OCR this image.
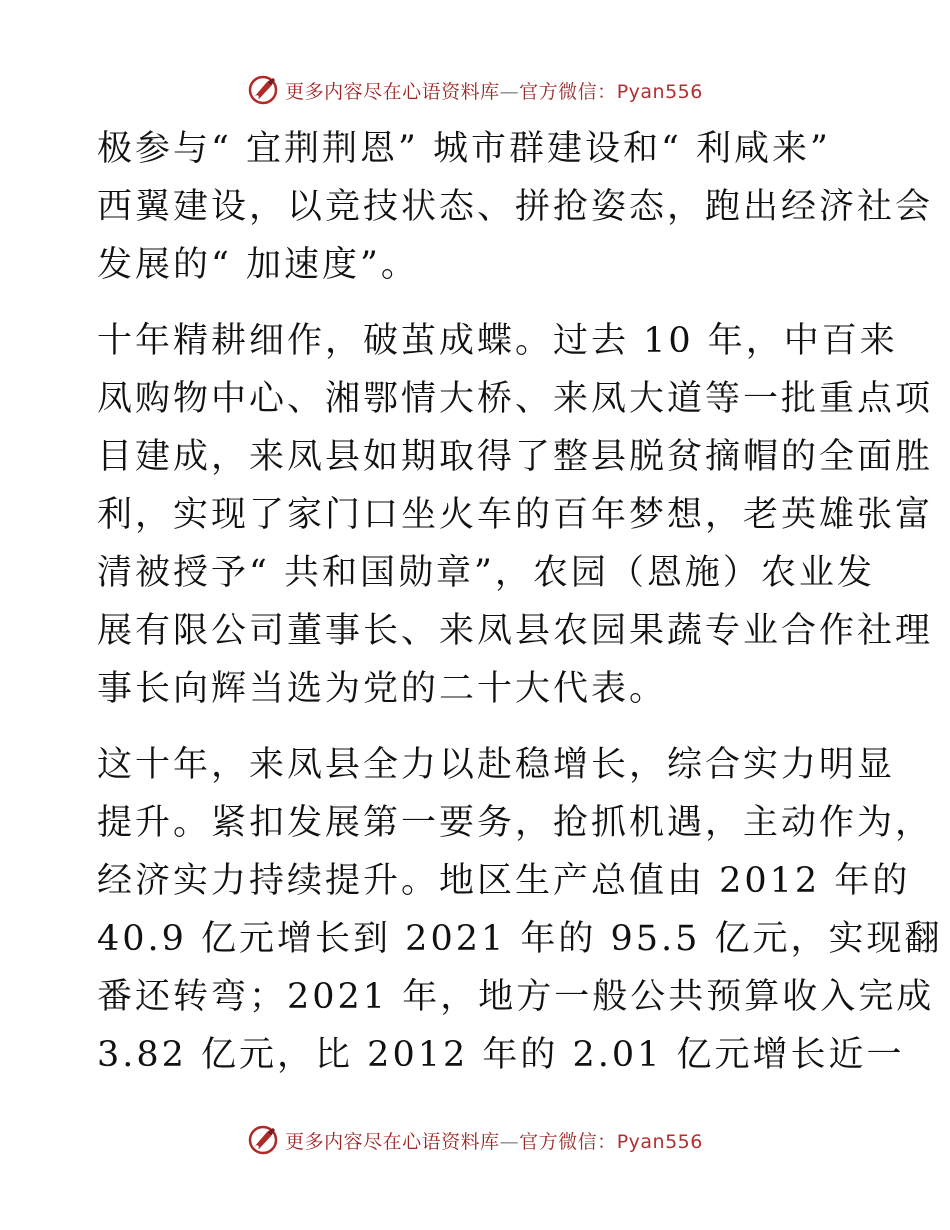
更多内容尽在心语资料库—官方微信：Pyan556

极参与“ 宜荆荆恩” 城市群建设和“ 利咸来”

西翼建设，以竞技状态、拼抢姿态，跑出经济社会

发展的“ 加速度”。

十年精耕细作，破茧成蝶。过去 10 年，中百来

凤购物中心、湘鄂情大桥、来凤大道等一批重点项

目建成，来凤县如期取得了整县脱贫摘帽的全面胜

利，实现了家门口坐火车的百年梦想，老英雄张富

清被授予“ 共和国勋章”，农园（恩施）农业发

展有限公司董事长、来凤县农园果蔬专业合作社理

事长向辉当选为党的二十大代表。

这十年，来凤县全力以赴稳增长，综合实力明显

提升。紧扣发展第一要务，抢抓机遇，主动作为，

经济实力持续提升。地区生产总值由 2012 年的

40.9 亿元增长到 2021 年的 95.5 亿元，实现翻

番还转弯；2021 年，地方一般公共预算收入完成

3.82 亿元，比 2012 年的 2.01 亿元增长近一

更多内容尽在心语资料库—官方微信：Pyan556
